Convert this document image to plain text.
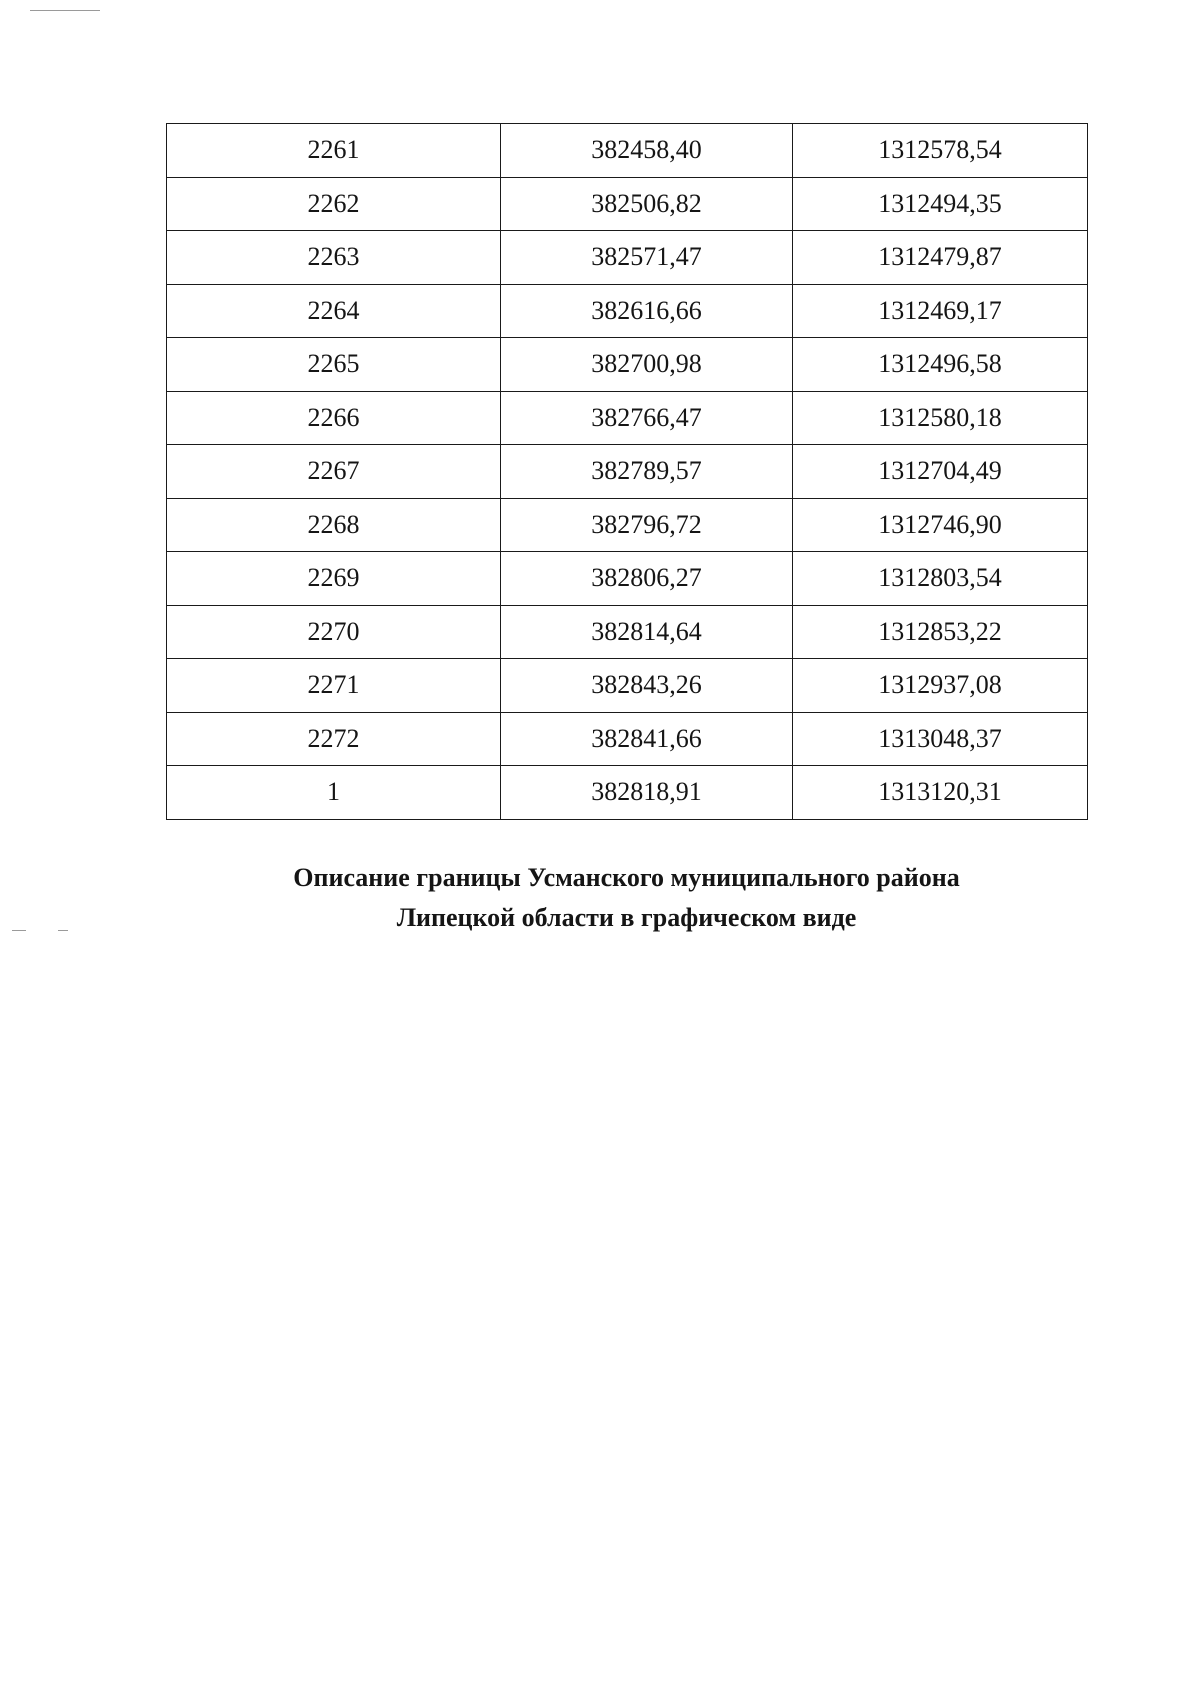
2261	382458,40	1312578,54
2262	382506,82	1312494,35
2263	382571,47	1312479,87
2264	382616,66	1312469,17
2265	382700,98	1312496,58
2266	382766,47	1312580,18
2267	382789,57	1312704,49
2268	382796,72	1312746,90
2269	382806,27	1312803,54
2270	382814,64	1312853,22
2271	382843,26	1312937,08
2272	382841,66	1313048,37
1	382818,91	1313120,31
Описание границы Усманского муниципального района
Липецкой области в графическом виде
